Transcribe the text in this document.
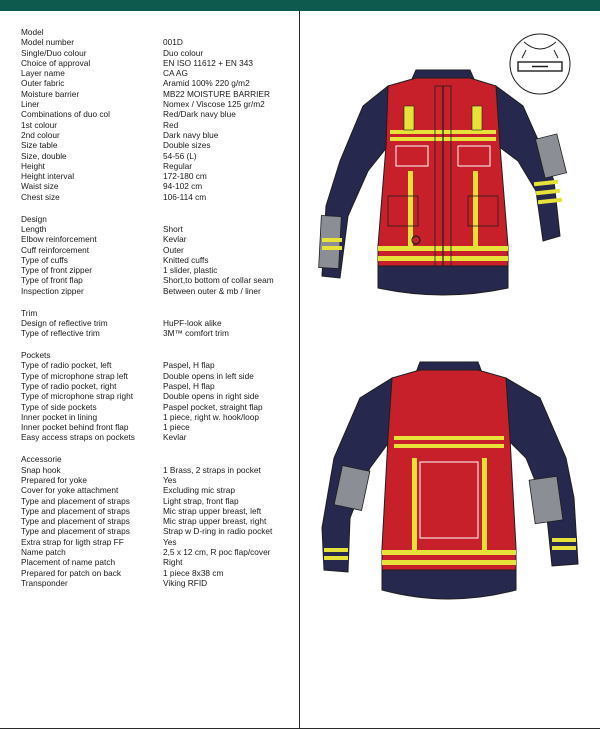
Model
Model number	001D
Single/Duo colour	Duo colour
Choice of approval	EN ISO 11612 + EN 343
Layer name	CA AG
Outer fabric	Aramid 100% 220 g/m2
Moisture barrier	MB22 MOISTURE BARRIER
Liner	Nomex / Viscose 125 gr/m2
Combinations of duo col	Red/Dark navy blue
1st colour	Red
2nd colour	Dark navy blue
Size table	Double sizes
Size, double	54-56 (L)
Height	Regular
Height interval	172-180 cm
Waist size	94-102 cm
Chest size	106-114 cm
Design
Length	Short
Elbow reinforcement	Kevlar
Cuff reinforcement	Outer
Type of cuffs	Knitted cuffs
Type of front zipper	1 slider, plastic
Type of front flap	Short,to bottom of collar seam
Inspection zipper	Between outer & mb / liner
Trim
Design of reflective trim	HuPF-look alike
Type of reflective trim	3M™ comfort trim
Pockets
Type of radio pocket, left	Paspel, H flap
Type of microphone strap left	Double opens in left side
Type of radio pocket, right	Paspel, H flap
Type of microphone strap right	Double opens in right side
Type of side pockets	Paspel pocket, straight flap
Inner pocket in lining	1 piece, right w. hook/loop
Inner pocket behind front flap	1 piece
Easy access straps on pockets	Kevlar
Accessorie
Snap hook	1 Brass, 2 straps in pocket
Prepared for yoke	Yes
Cover for yoke attachment	Excluding mic strap
Type and placement of straps	Light strap, front flap
Type and placement of straps	Mic strap upper breast, left
Type and placement of straps	Mic strap upper breast, right
Type and placement of straps	Strap w D-ring in radio pocket
Extra strap for ligth strap FF	Yes
Name patch	2,5 x 12 cm, R poc flap/cover
Placement of name patch	Right
Prepared for patch on back	1 piece 8x38 cm
Transponder	Viking RFID
